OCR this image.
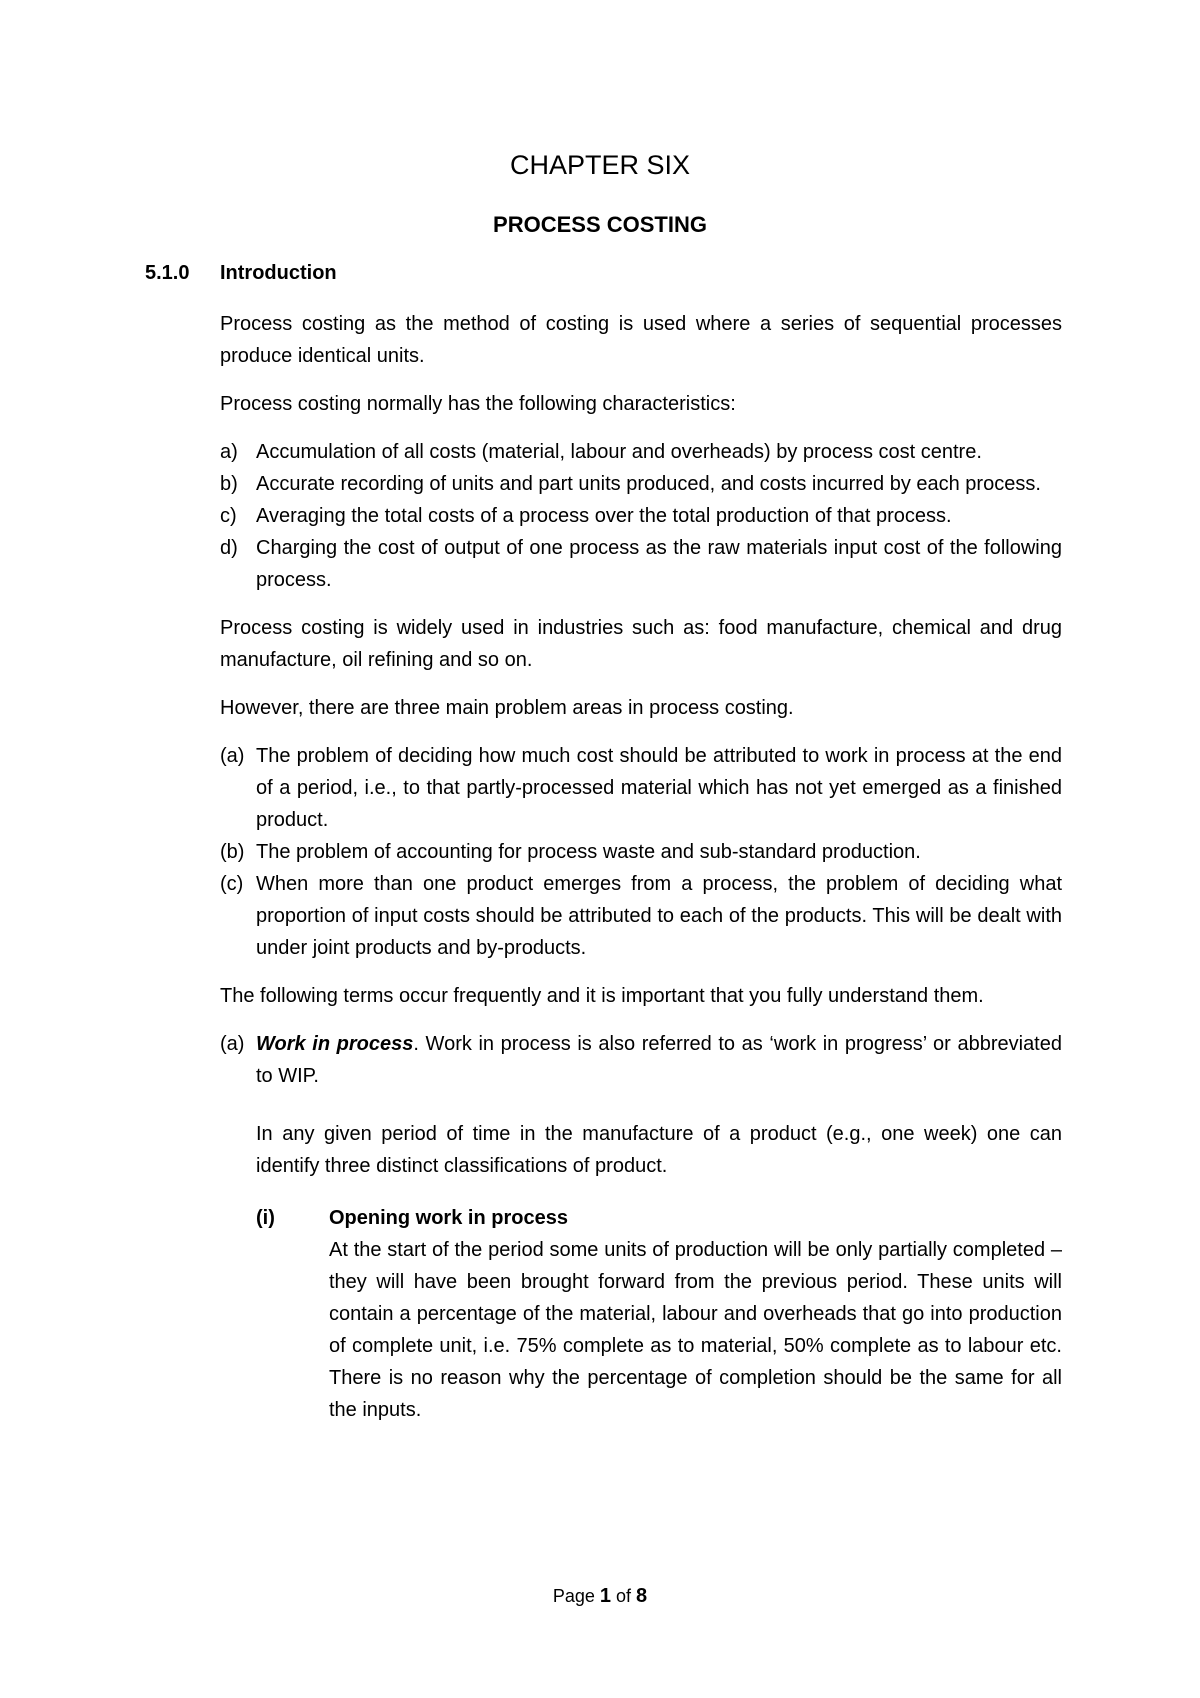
CHAPTER SIX
PROCESS COSTING
5.1.0 Introduction

Process costing as the method of costing is used where a series of sequential processes produce identical units.

Process costing normally has the following characteristics:

a) Accumulation of all costs (material, labour and overheads) by process cost centre.
b) Accurate recording of units and part units produced, and costs incurred by each process.
c) Averaging the total costs of a process over the total production of that process.
d) Charging the cost of output of one process as the raw materials input cost of the following process.

Process costing is widely used in industries such as: food manufacture, chemical and drug manufacture, oil refining and so on.

However, there are three main problem areas in process costing.

(a) The problem of deciding how much cost should be attributed to work in process at the end of a period, i.e., to that partly-processed material which has not yet emerged as a finished product.
(b) The problem of accounting for process waste and sub-standard production.
(c) When more than one product emerges from a process, the problem of deciding what proportion of input costs should be attributed to each of the products. This will be dealt with under joint products and by-products.

The following terms occur frequently and it is important that you fully understand them.

(a) Work in process. Work in process is also referred to as ‘work in progress’ or abbreviated to WIP.

In any given period of time in the manufacture of a product (e.g., one week) one can identify three distinct classifications of product.

(i)	Opening work in process
At the start of the period some units of production will be only partially completed – they will have been brought forward from the previous period. These units will contain a percentage of the material, labour and overheads that go into production of complete unit, i.e. 75% complete as to material, 50% complete as to labour etc. There is no reason why the percentage of completion should be the same for all the inputs.
Page 1 of 8
